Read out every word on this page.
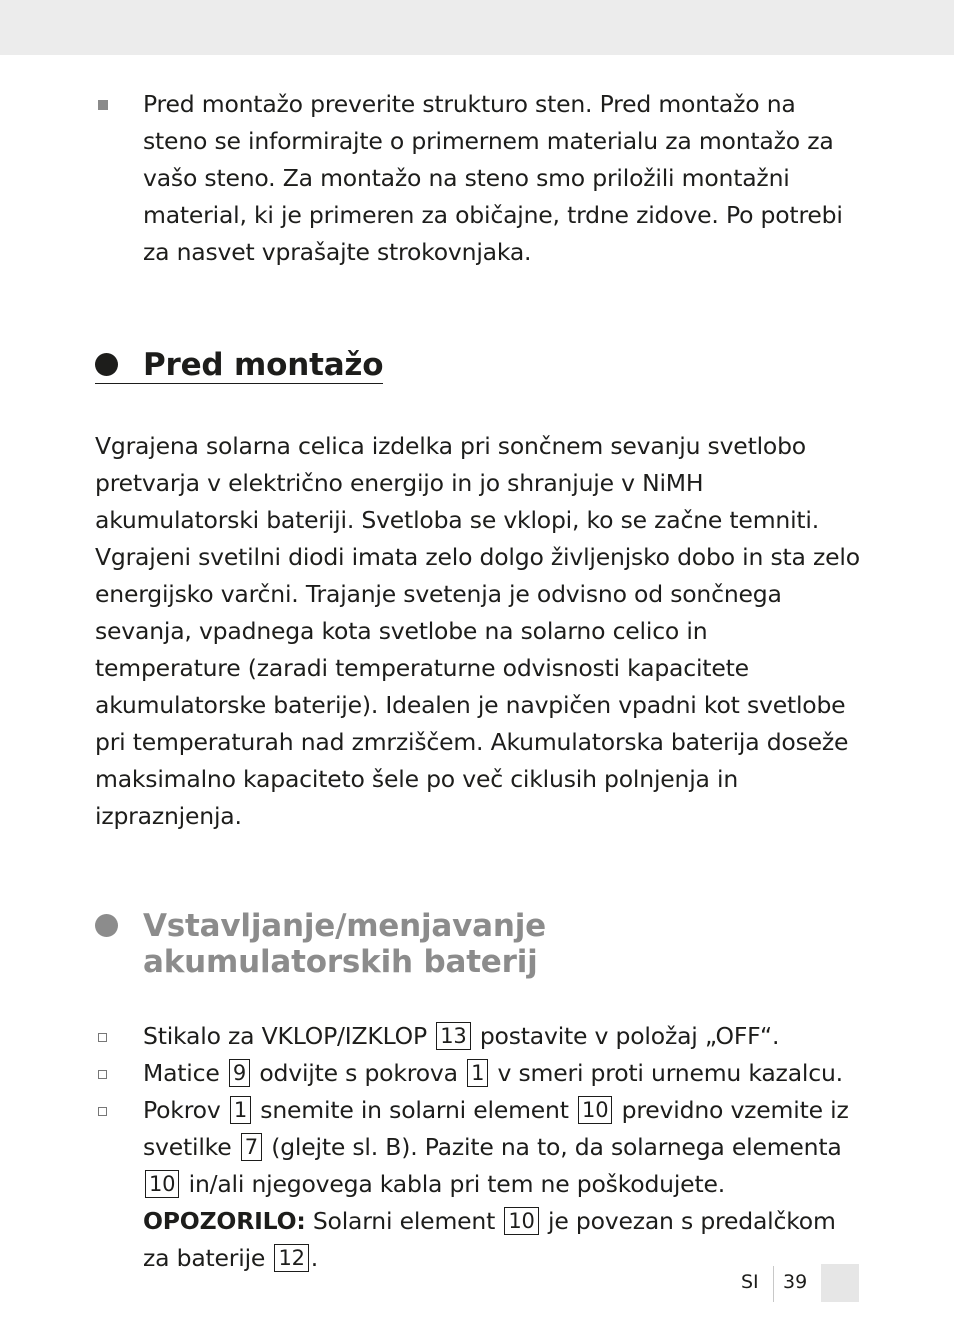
Pred montažo preverite strukturo sten. Pred montažo na steno se informirajte o primernem materialu za montažo za vašo steno. Za montažo na steno smo priložili montažni material, ki je primeren za običajne, trdne zidove. Po potrebi za nasvet vprašajte strokovnjaka.
Pred montažo
Vgrajena solarna celica izdelka pri sončnem sevanju svetlobo pretvarja v električno energijo in jo shranjuje v NiMH akumulatorski bateriji. Svetloba se vklopi, ko se začne temniti. Vgrajeni svetilni diodi imata zelo dolgo življenjsko dobo in sta zelo energijsko varčni. Trajanje svetenja je odvisno od sončnega sevanja, vpadnega kota svetlobe na solarno celico in temperature (zaradi temperaturne odvisnosti kapacitete akumulatorske baterije). Idealen je navpičen vpadni kot svetlobe pri temperaturah nad zmrziščem. Akumulatorska baterija doseže maksimalno kapaciteto šele po več ciklusih polnjenja in izpraznjenja.
Vstavljanje/menjavanje
akumulatorskih baterij
Stikalo za VKLOP/IZKLOP 13 postavite v položaj „OFF“.
Matice 9 odvijte s pokrova 1 v smeri proti urnemu kazalcu.
Pokrov 1 snemite in solarni element 10 previdno vzemite iz svetilke 7 (glejte sl. B). Pazite na to, da solarnega elementa 10 in/ali njegovega kabla pri tem ne poškodujete.
OPOZORILO: Solarni element 10 je povezan s predalčkom za baterije 12 .
SI 39
